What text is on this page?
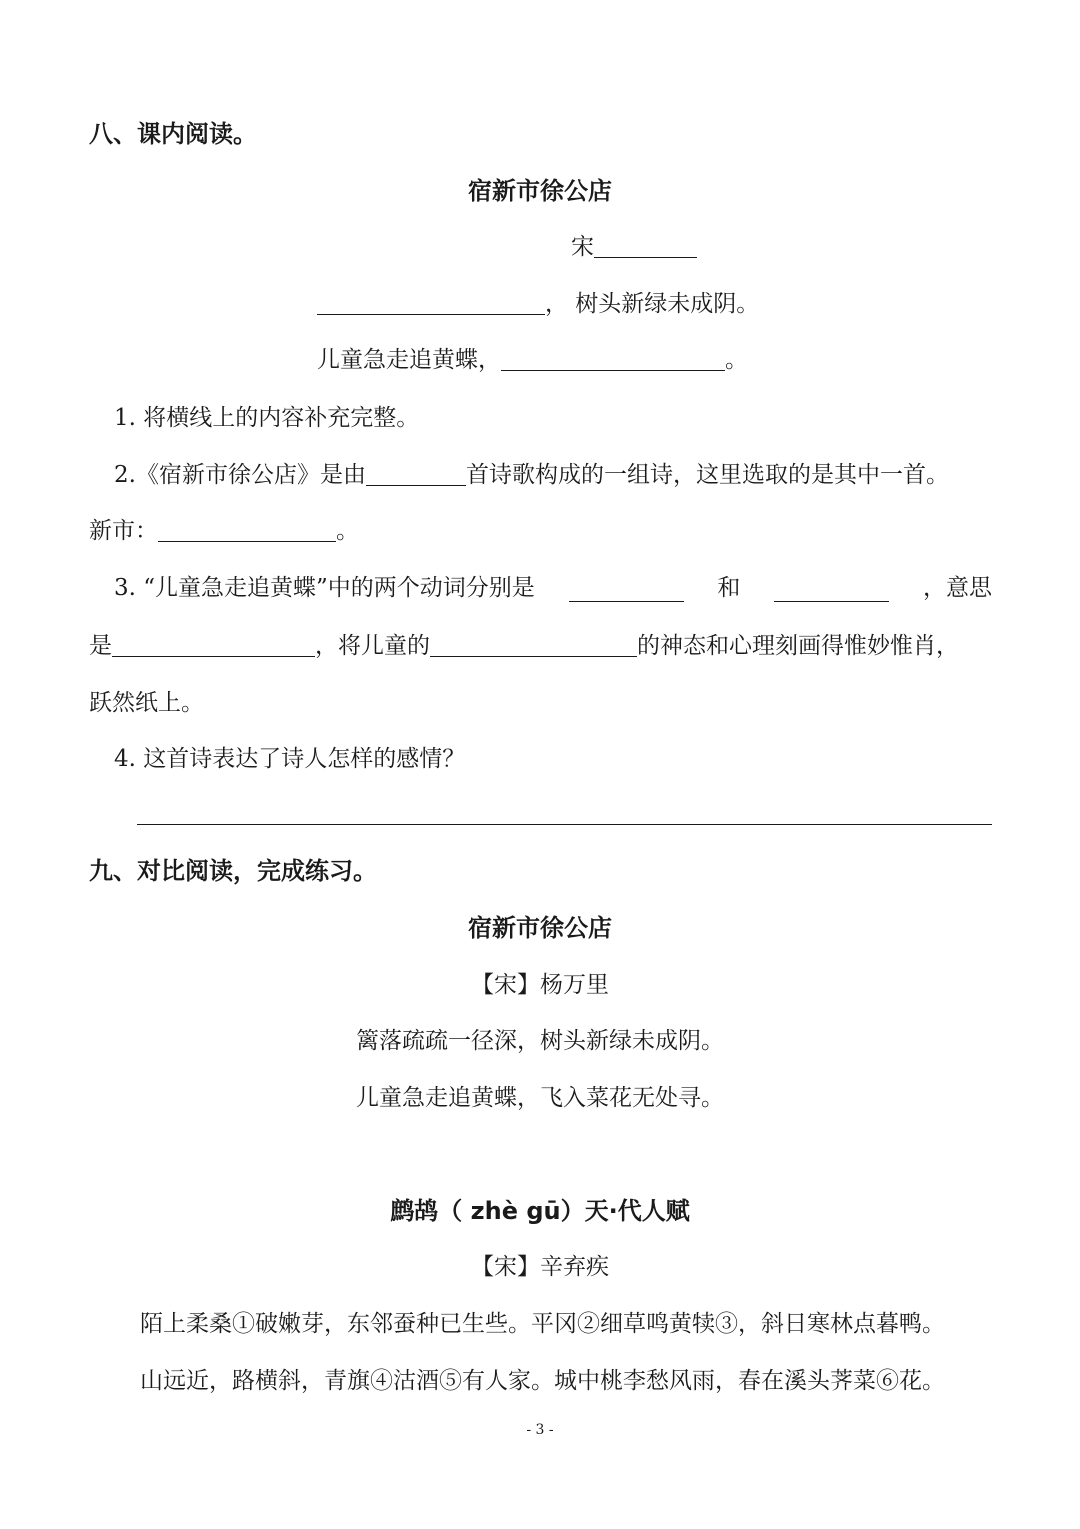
八、课内阅读。
宿新市徐公店
宋
， 树头新绿未成阴。
儿童急走追黄蝶，	。
1. 将横线上的内容补充完整。
2.《宿新市徐公店》是由	首诗歌构成的一组诗，这里选取的是其中一首。
新市：	。
3. “儿童急走追黄蝶”中的两个动词分别是	和	，意思
是	，将儿童的	的神态和心理刻画得惟妙惟肖，
跃然纸上。
4. 这首诗表达了诗人怎样的感情？
九、对比阅读，完成练习。
宿新市徐公店
【宋】杨万里
篱落疏疏一径深，树头新绿未成阴。
儿童急走追黄蝶，飞入菜花无处寻。
鹧鸪（ zhè gū）天·代人赋
【宋】辛弃疾
陌上柔桑①破嫩芽，东邻蚕种已生些。平冈②细草鸣黄犊③，斜日寒林点暮鸭。
山远近，路横斜，青旗④沽酒⑤有人家。城中桃李愁风雨，春在溪头荠菜⑥花。
- 3 -
